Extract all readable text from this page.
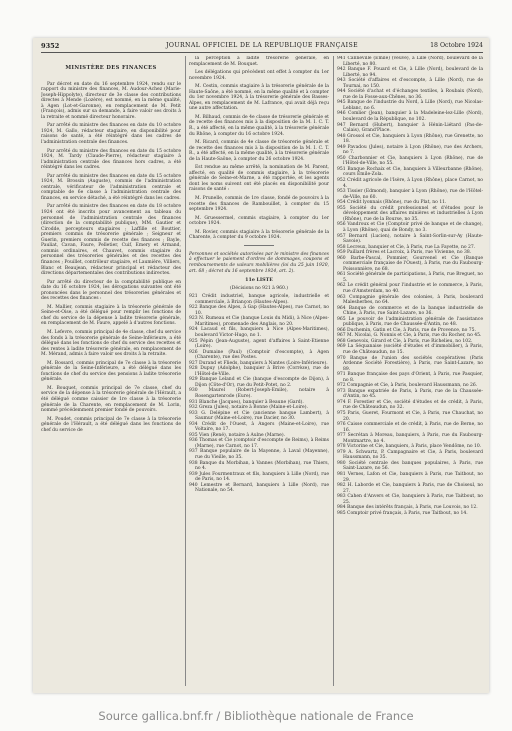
9352	JOURNAL OFFICIEL DE LA REPUBLIQUE FRANÇAISE	18 Octobre 1924
MINISTÈRE DES FINANCES
Par décret en date du 16 septembre 1924, rendu sur le rapport du ministre des finances, M. Audour-Achez (Marie-Joseph-Hippolyte), directeur de 3e classe des contributions directes à Mende (Lozère), est nommé, en la même qualité, à Agen (Lot-et-Garonne), en remplacement de M. Petit (François), admis sur sa demande, à faire valoir ses droits à la retraite et nommé directeur honoraire.
Par arrêté du ministre des finances en date du 10 octobre 1924, M. Gallo, rédacteur stagiaire, en disponibilité pour raisons de santé, a été réintégré dans les cadres de l'administration centrale des finances.
Par arrêté du ministre des finances en date du 15 octobre 1924, M. Tardy (Claude-Pierre), rédacteur stagiaire à l'administration centrale des finances hors cadres, a été réintégré dans les cadres.
Par arrêté du ministre des finances en date du 15 octobre 1924, M. Brossin (Auguste), commis de l'administration centrale, vérificateur de l'administration centrale et comptable de 6e classe à l'administration centrale des finances, en service détaché, a été réintégré dans les cadres.
Par arrêté du ministre des finances en date du 18 octobre 1924 ont été inscrits pour avancement au tableau du personnel de l'administration centrale des finances (direction de la comptabilité publique), MM. Gautier et Cirodde, percepteurs stagiaires ; Laffille et Bouttier, premiers commis de trésorerie générale ; Seigneur et Guerin, premiers commis de recette des finances ; Bayle, Pauliat, Cavan, Faure, Pelletier, Cuif, Emery et Armand, commis ordinaires, et Chauvet, commis stagiaire du personnel des trésoreries générales et des recettes des finances ; Pouillet, contrôleur stagiaire, et Laumière, Villiers, Blanc et Beaujean, rédacteur principal et rédacteur des directions départementales des contributions indirectes.
Par arrêté du directeur de la comptabilité publique en date du 16 octobre 1924, les dérogations suivantes ont été prononcées dans le personnel des trésoreries générales et des recettes des finances :
M. Mallier, commis stagiaire à la trésorerie générale de Seine-et-Oise, a été délégué pour remplir les fonctions de chef du service de la dépense à ladite trésorerie générale, en remplacement de M. Faure, appelé à d'autres fonctions.
M. Lefevre, commis principal de 4e classe, chef du service des fonds à la trésorerie générale de Seine-Inférieure, a été délégué dans les fonctions de chef du service des recettes et des rentes à ladite trésorerie générale, en remplacement de M. Mérand, admis à faire valoir ses droits à la retraite.
M. Bossard, commis principal de 7e classe à la trésorerie générale de la Seine-Inférieure, a été délégué dans les fonctions de chef du service des pensions à ladite trésorerie générale.
M. Bouquet, commis principal de 7e classe, chef du service de la dépense à la trésorerie générale de l'Hérault, a été délégué comme caissier de 1re classe à la trésorerie générale de la Charente, en remplacement de M. Lorin, nommé précédemment premier fondé de pouvoirs.
M. Poudet, commis principal de 7e classe à la trésorerie générale de l'Hérault, a été délégué dans les fonctions de chef du service de
la perception à ladite trésorerie générale, en remplacement de M. Bouquet.
Les délégations qui précèdent ont effet à compter du 1er novembre 1924.
M. Cestin, commis stagiaire à la trésorerie générale de la Haute-Saône, a été nommé, en la même qualité et à compter du 1er novembre 1924, à la trésorerie générale des Basses-Alpes, en remplacement de M. Lafrance, qui avait déjà reçu une autre affectation.
M. Bilhaud, commis de 4e classe de trésorerie générale et de recette des finances mis à la disposition de la M. I. C. T. R., a été affecté, en la même qualité, à la trésorerie générale du Rhône, à compter du 16 octobre 1924.
M. Ricard, commis de 4e classe de trésorerie générale et de recette des finances mis à la disposition de la M. I. C. T. R., a été affecté, en la même qualité, à la trésorerie générale de la Haute-Saône, à compter du 26 octobre 1924.
Est rendue au même arrêté, la nomination de M. Parent, affecté, en qualité de commis stagiaire, à la trésorerie générale de Seine-et-Marne, a été rapportée, et les agents dont les noms suivent ont été placés en disponibilité pour raisons de santé :
M. Prunelle, commis de 1re classe, fondé de pouvoirs à la recette des finances de Rambouillet, à compter du 15 septembre 1924.
M. Gruessermel, commis stagiaire, à compter du 1er octobre 1924.
M. Rovier, commis stagiaire à la trésorerie générale de la Charente, à compter du 9 octobre 1924.
Personnes et sociétés autorisées par le ministre des finances à effectuer le paiement d'ordres de dommages, coupons et remboursements de valeurs mobilières (loi du 25 juin 1920, art. 68 ; décret du 16 septembre 1924, art. 2).
11e LISTE
(Décisions no 921 à 960.)
921 Crédit industriel, banque agricole, industrielle et commerciale, à Briançon (Hautes-Alpes).
922 Banque des Alpes, à Gap (Hautes-Alpes), rue Carnot, no 10.
923 N. Rumeau et Cie (banque Louis du Midi), à Nice (Alpes-Maritimes), promenade des Anglais, no 20.
924 Lacaud et fils, banquiers à Nice (Alpes-Maritimes), boulevard Victor-Hugo, no 1.
925 Pépin (Jean-Auguste), agent d'affaires à Saint-Etienne (Loire).
926 Dumaine (Paul) (Comptoir d'escompte), à Agen (Charente), rue des Postes.
927 Durand et Flieds, banquiers à Nantes (Loire-Inférieure).
928 Dupuy (Adolphe), banquier à Brive (Corrèze), rue de l'Hôtel-de-Ville.
929 Banque Leland et Cie (banque d'escompte de Dijon), à Dijon (Côte-d'Or), rue du Petit-Potet, no 2.
930 Maurel (Robert-Joseph-Emile), notaire à Rosengartenrode (Eure).
931 Blanche (Jacques), banquier à Beaune (Gard).
932 Greza (Jules), notaire à Bonne (Maine-et-Loire).
933 G. Delépine et Cie (ancienne banque Lambert), à Saumur (Maine-et-Loire), rue Dacier, no 30.
934 Crédit de l'Ouest, à Angers (Maine-et-Loire), rue Voltaire, no 17.
935 Vien (René), notaire à Aulne (Marne).
936 Thomas et Cie (comptoir d'escompte de Reims), à Reims (Marne), rue Carnot, no 17.
937 Banque populaire de la Mayenne, à Laval (Mayenne), rue du Vieille, no 35.
938 Banque du Morbihan, à Vannes (Morbihan), rue Thiers, no 4.
939 Jules Fourmentraux et fils, banquiers à Lille (Nord), rue de Paris, no 14.
940 Lemestre et Bernard, banquiers à Lille (Nord), rue Nationale, no 54.
941 Canneville (Émile) (veuve), à Lille (Nord), boulevard de la Liberté, no 80.
942 Banque F. Pouard et Cie, à Lille (Nord), boulevard de la Liberté, no 94.
943 Société d'affaires et d'escompte, à Lille (Nord), rue de Tournai, no 150.
944 Société d'achat et d'échanges textiles, à Roubaix (Nord), rue de la Fosse-aux-Chênes, no 36.
945 Banque de l'industrie du Nord, à Lille (Nord), rue Nicolas-Leblanc, no 6.
946 Comlier (Jean), banquier à la Madeleine-lez-Lille (Nord), boulevard de la République, no 102.
947 Bernard (Hubert), banquier à Hénin-Liétard (Pas-de-Calais), Grand'Place.
948 Grossol et Cie, banquiers à Lyon (Rhône), rue Grenette, no 18.
949 Pavadou (Jules), notaire à Lyon (Rhône), rue des Archers, no 7.
950 Charbonnier et Cie, banquiers à Lyon (Rhône), rue de l'Hôtel-de-Ville, no 55.
951 Banque Rochaix et Cie, banquiers à Villeurbanne (Rhône), cours Émile-Zola.
952 Crédit agricole de l'Isère, à Lyon (Rhône), place Carnot, no 4.
953 Tissier (Edmond), banquier à Lyon (Rhône), rue de l'Hôtel-de-Ville, no 60.
954 Crédit lyonnais (Rhône), rue du Plat, no 11.
955 Société du crédit professionnel et d'études pour le développement des affaires minières et industrielles à Lyon (Rhône), rue de la Bourse, no 35.
956 Vandroux et Cie (Comptoir privé de banque et de change), à Lyon (Rhône), quai de Bondy, no 3.
957 Bernard (Lucien), notaire à Saint-Sorlin-sur-Ay (Haute-Savoie).
958 Lecreux, banquier et Cie, à Paris, rue La Fayette, no 27.
959 Paillard frères et Lacroix, à Paris, rue Vivienne, no 38.
960 Barbe-Pascal, Pommier, Gourvenel et Cie (Banque commerciale française de l'Ouest), à Paris, rue du Faubourg-Poissonnière, no 68.
961 Société générale de participations, à Paris, rue Breguet, no 5.
962 Le crédit général pour l'industrie et le commerce, à Paris, rue d'Amsterdam, no 40.
963 Compagnie générale des colonies, à Paris, boulevard Malesherbes, no 64.
964 Banque de commerce et de la banque industrielle de Chine, à Paris, rue Saint-Lazare, no 36.
965 Le pouvoir de l'administration générale de l'assistance publique, à Paris, rue de Chaussée-d'Antin, no 48.
966 Duchemin, Gatin et Cie, à Paris, rue de Provence, no 75.
967 M. Nicolai, G. Nonnis et Cie, à Paris, rue du Rocher, no 45.
968 Genevoix, Girard et Cie, à Paris, rue Richelieu, no 102.
969 La Séquanaise (société d'études et d'immobilier), à Paris, rue de Châteaudun, no 15.
970 Banque de l'union des sociétés coopératives (Paris Ardenne Société Forestière), à Paris, rue Saint-Lazare, no 89.
971 Banque française des pays d'Orient, à Paris, rue Pasquier, no 8.
972 Compagnie et Cie, à Paris, boulevard Haussmann, no 26.
973 Banque expatriée de Paris, à Paris, rue de la Chaussée-d'Antin, no 45.
974 F. Forestier et Cie, société d'études et de crédit, à Paris, rue de Châteaudun, no 32.
975 Paris, Gueret, Fourmont et Cie, à Paris, rue Chauchat, no 20.
976 Caisse commerciale et de crédit, à Paris, rue de Berne, no 16.
977 Secrétan à Moreau, banquiers, à Paris, rue du Faubourg-Montmartre, no 4.
978 Victorine et Cie, banquiers, à Paris, place Vendôme, no 10.
979 A. Schwartz, P. Campagnaire et Cie, à Paris, boulevard Haussmann, no 35.
980 Société centrale des banques populaires, à Paris, rue Saint-Lazare, no 56.
981 Vernes, Lafon et Cie, banquiers à Paris, rue Taitbout, no 29.
982 H. Laborde et Cie, banquiers à Paris, rue de Choiseul, no 27.
983 Cahen d'Anvers et Cie, banquiers à Paris, rue Taitbout, no 25.
984 Banque des intérêts français, à Paris, rue Louvois, no 12.
985 Comptoir privé français, à Paris, rue Taitbout, no 14.
Source gallica.bnf.fr / Bibliothèque nationale de France
